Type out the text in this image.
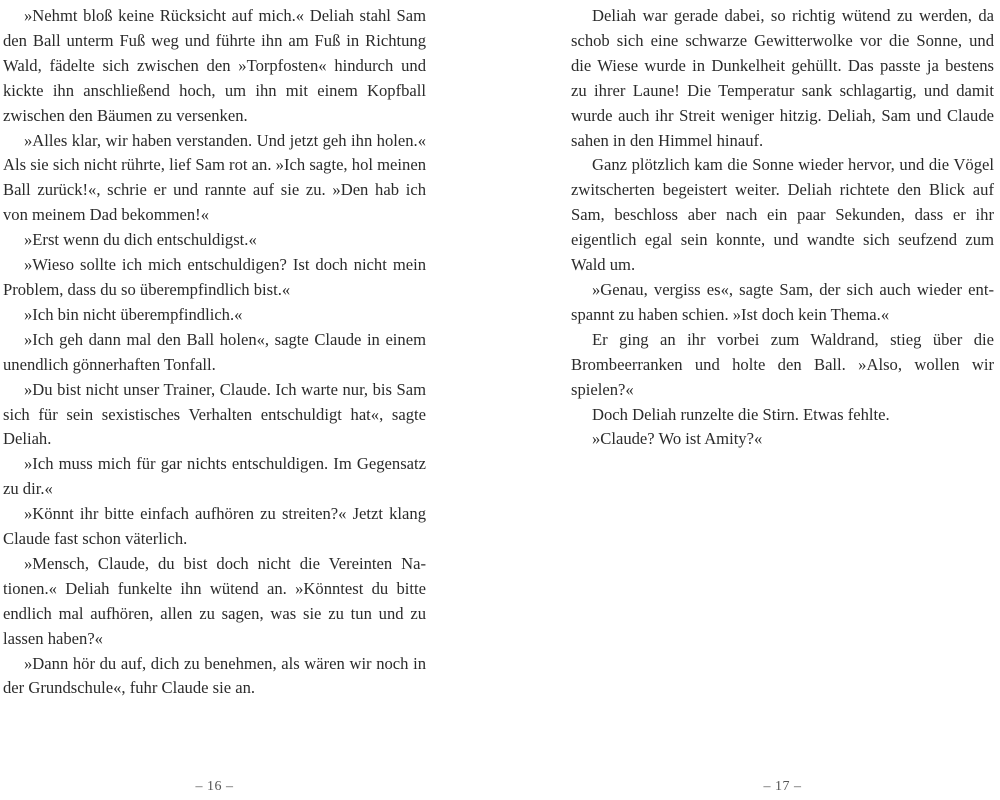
»Nehmt bloß keine Rücksicht auf mich.« Deliah stahl Sam den Ball unterm Fuß weg und führte ihn am Fuß in Richtung Wald, fädelte sich zwischen den »Torpfosten« hindurch und kickte ihn anschließend hoch, um ihn mit einem Kopfball zwischen den Bäumen zu versenken.

»Alles klar, wir haben verstanden. Und jetzt geh ihn holen.« Als sie sich nicht rührte, lief Sam rot an. »Ich sagte, hol meinen Ball zurück!«, schrie er und rannte auf sie zu. »Den hab ich von meinem Dad bekommen!«

»Erst wenn du dich entschuldigst.«

»Wieso sollte ich mich entschuldigen? Ist doch nicht mein Problem, dass du so überempfindlich bist.«

»Ich bin nicht überempfindlich.«

»Ich geh dann mal den Ball holen«, sagte Claude in einem unendlich gönnerhaften Tonfall.

»Du bist nicht unser Trainer, Claude. Ich warte nur, bis Sam sich für sein sexistisches Verhalten entschuldigt hat«, sagte Deliah.

»Ich muss mich für gar nichts entschuldigen. Im Gegensatz zu dir.«

»Könnt ihr bitte einfach aufhören zu streiten?« Jetzt klang Claude fast schon väterlich.

»Mensch, Claude, du bist doch nicht die Vereinten Nationen.« Deliah funkelte ihn wütend an. »Könntest du bitte endlich mal aufhören, allen zu sagen, was sie zu tun und zu lassen haben?«

»Dann hör du auf, dich zu benehmen, als wären wir noch in der Grundschule«, fuhr Claude sie an.

– 16 –

Deliah war gerade dabei, so richtig wütend zu werden, da schob sich eine schwarze Gewitterwolke vor die Sonne, und die Wiese wurde in Dunkelheit gehüllt. Das passte ja bestens zu ihrer Laune! Die Temperatur sank schlagartig, und damit wurde auch ihr Streit weniger hitzig. Deliah, Sam und Claude sahen in den Himmel hinauf.

Ganz plötzlich kam die Sonne wieder hervor, und die Vögel zwitscherten begeistert weiter. Deliah richtete den Blick auf Sam, beschloss aber nach ein paar Sekunden, dass er ihr eigentlich egal sein konnte, und wandte sich seufzend zum Wald um.

»Genau, vergiss es«, sagte Sam, der sich auch wieder entspannt zu haben schien. »Ist doch kein Thema.«

Er ging an ihr vorbei zum Waldrand, stieg über die Brombeerranken und holte den Ball. »Also, wollen wir spielen?«

Doch Deliah runzelte die Stirn. Etwas fehlte.

»Claude? Wo ist Amity?«

– 17 –
